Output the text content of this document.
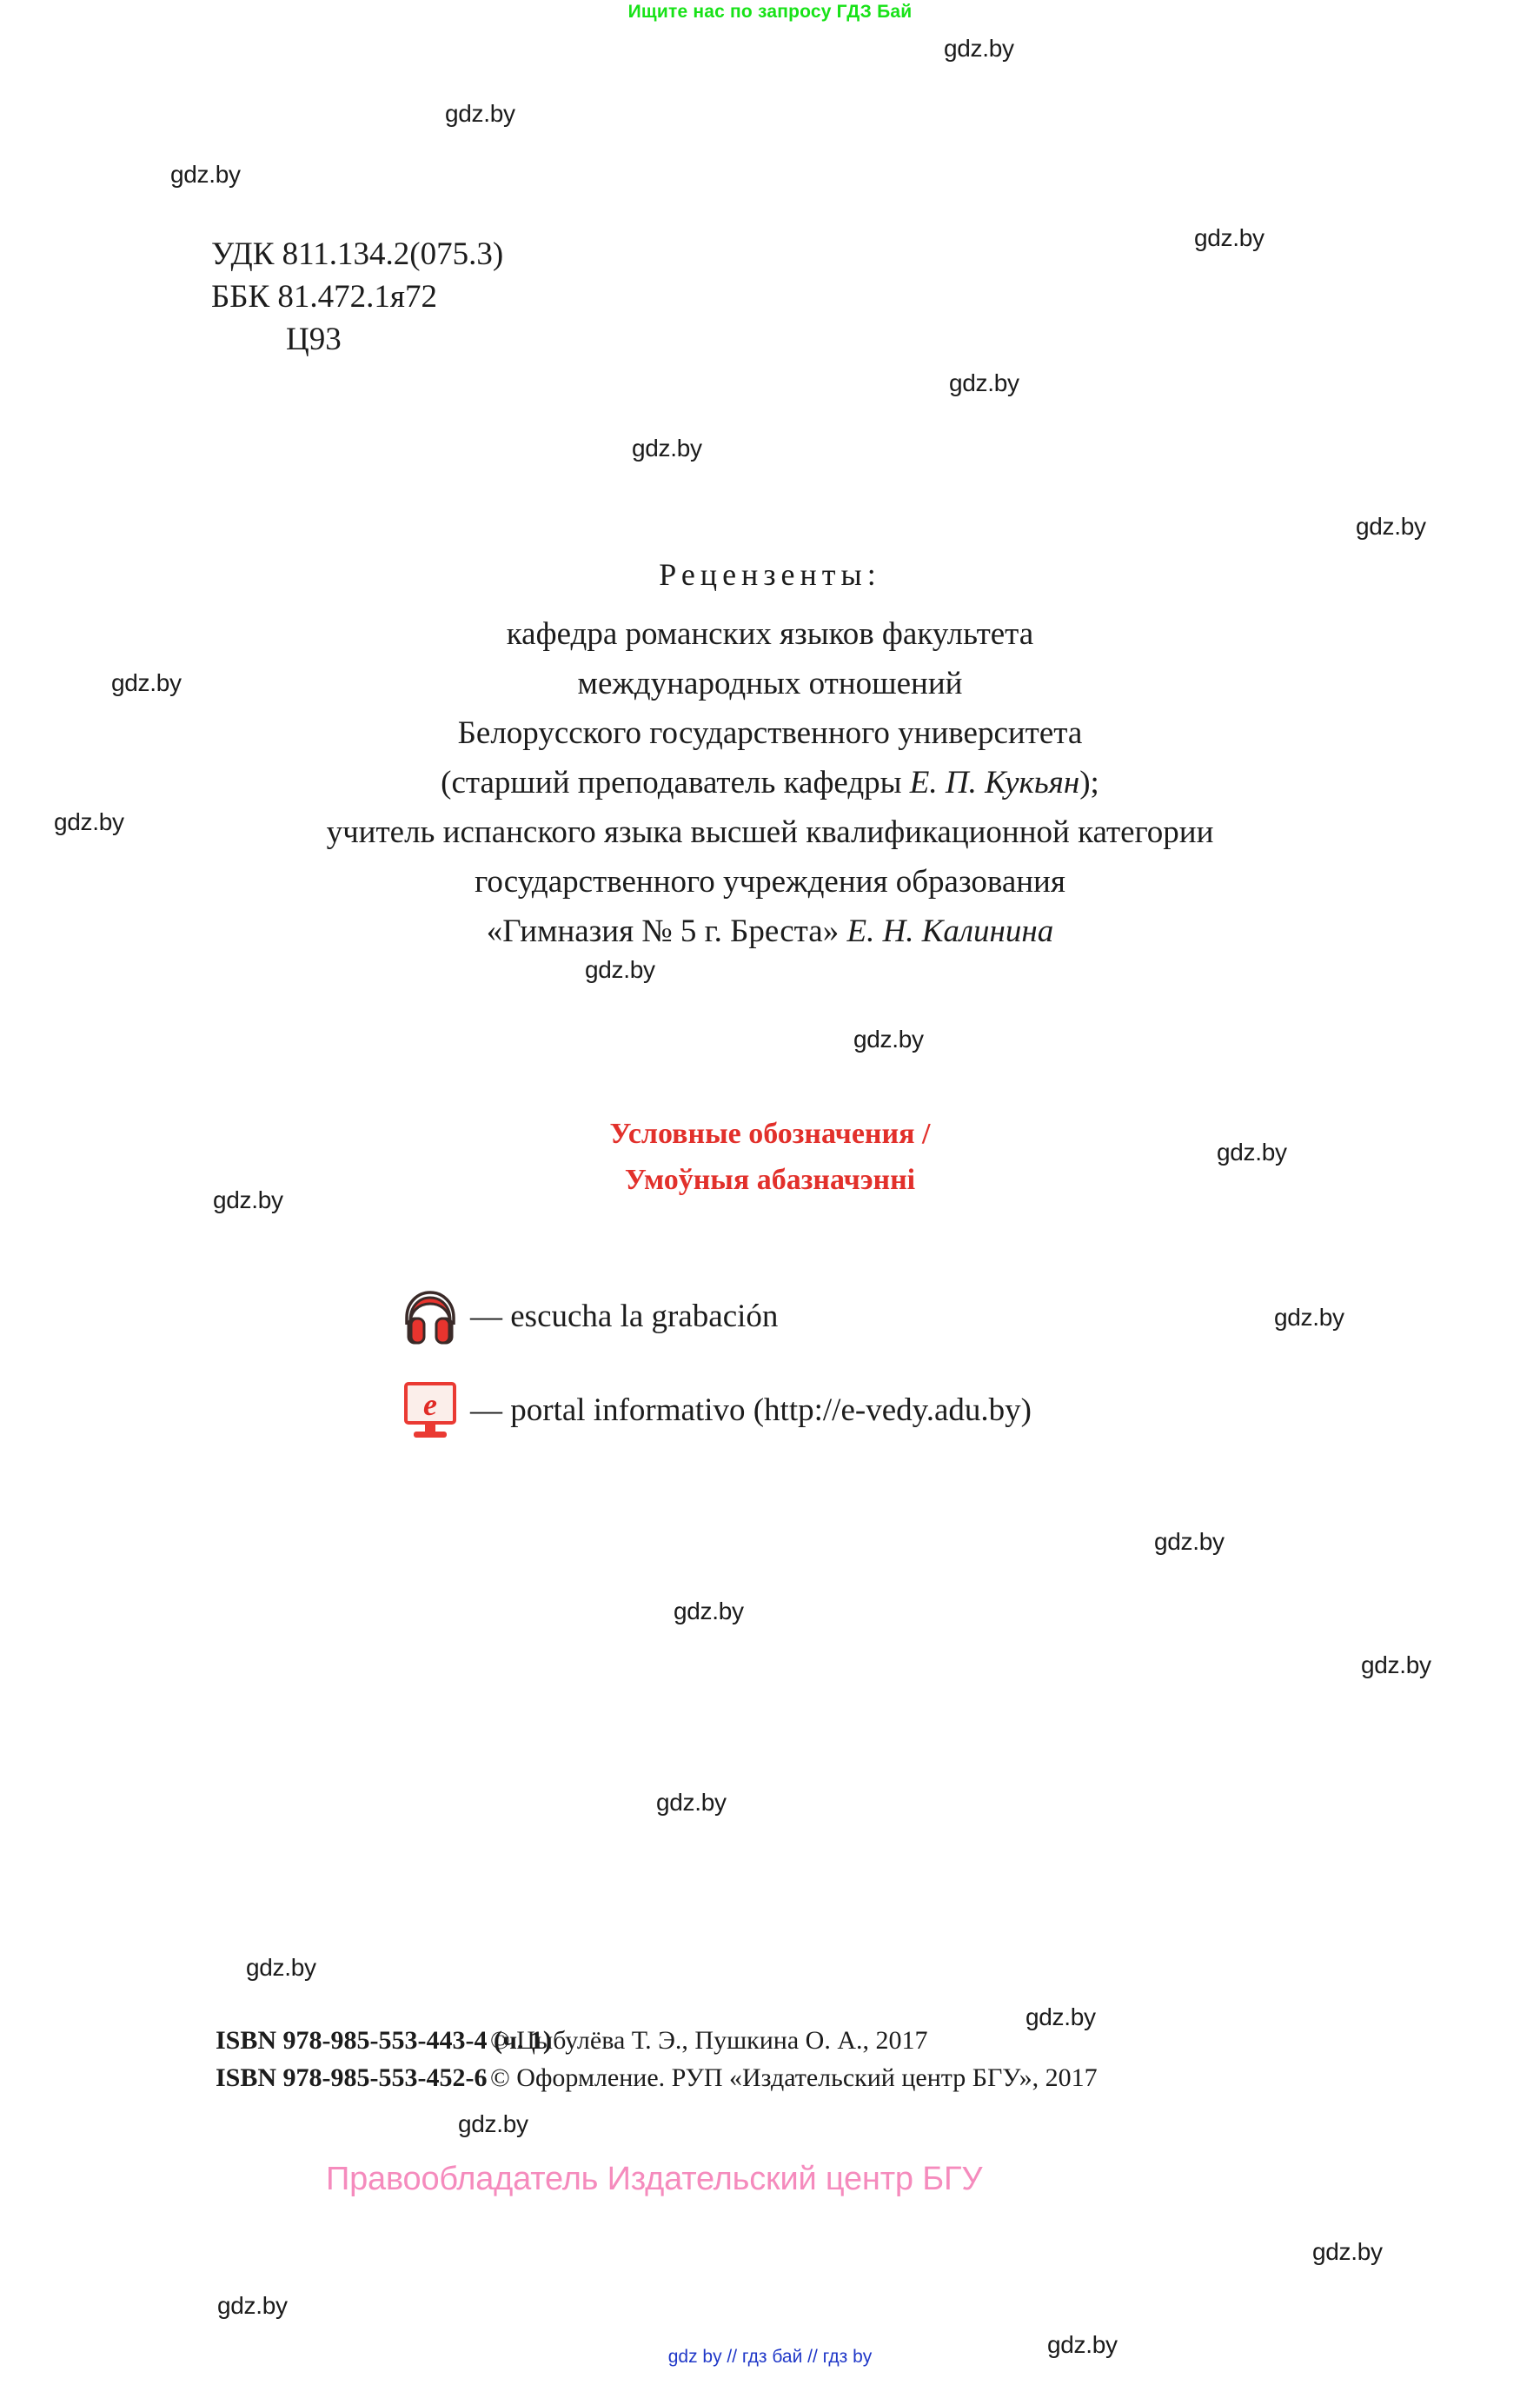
Ищите нас по запросу ГДЗ Бай
gdz.by
gdz.by
gdz.by
gdz.by
gdz.by
gdz.by
gdz.by
gdz.by
gdz.by
gdz.by
gdz.by
gdz.by
gdz.by
gdz.by
gdz.by
gdz.by
gdz.by
gdz.by
gdz.by
gdz.by
gdz.by
gdz.by
gdz.by
gdz.by
УДК 811.134.2(075.3)
ББК 81.472.1я72
Ц93
Рецензенты:
кафедра романских языков факультета
международных отношений
Белорусского государственного университета
(старший преподаватель кафедры Е. П. Кукьян);
учитель испанского языка высшей квалификационной категории
государственного учреждения образования
«Гимназия № 5 г. Бреста» Е. Н. Калинина
Условные обозначения /
Умоўныя абазначэнні
— escucha la grabación
e — portal informativo (http://e-vedy.adu.by)
ISBN 978-985-553-443-4 (ч. 1)
© Цыбулёва Т. Э., Пушкина О. А., 2017
ISBN 978-985-553-452-6 © Оформление. РУП «Издательский центр БГУ», 2017
Правообладатель Издательский центр БГУ
gdz by // гдз бай // гдз by
